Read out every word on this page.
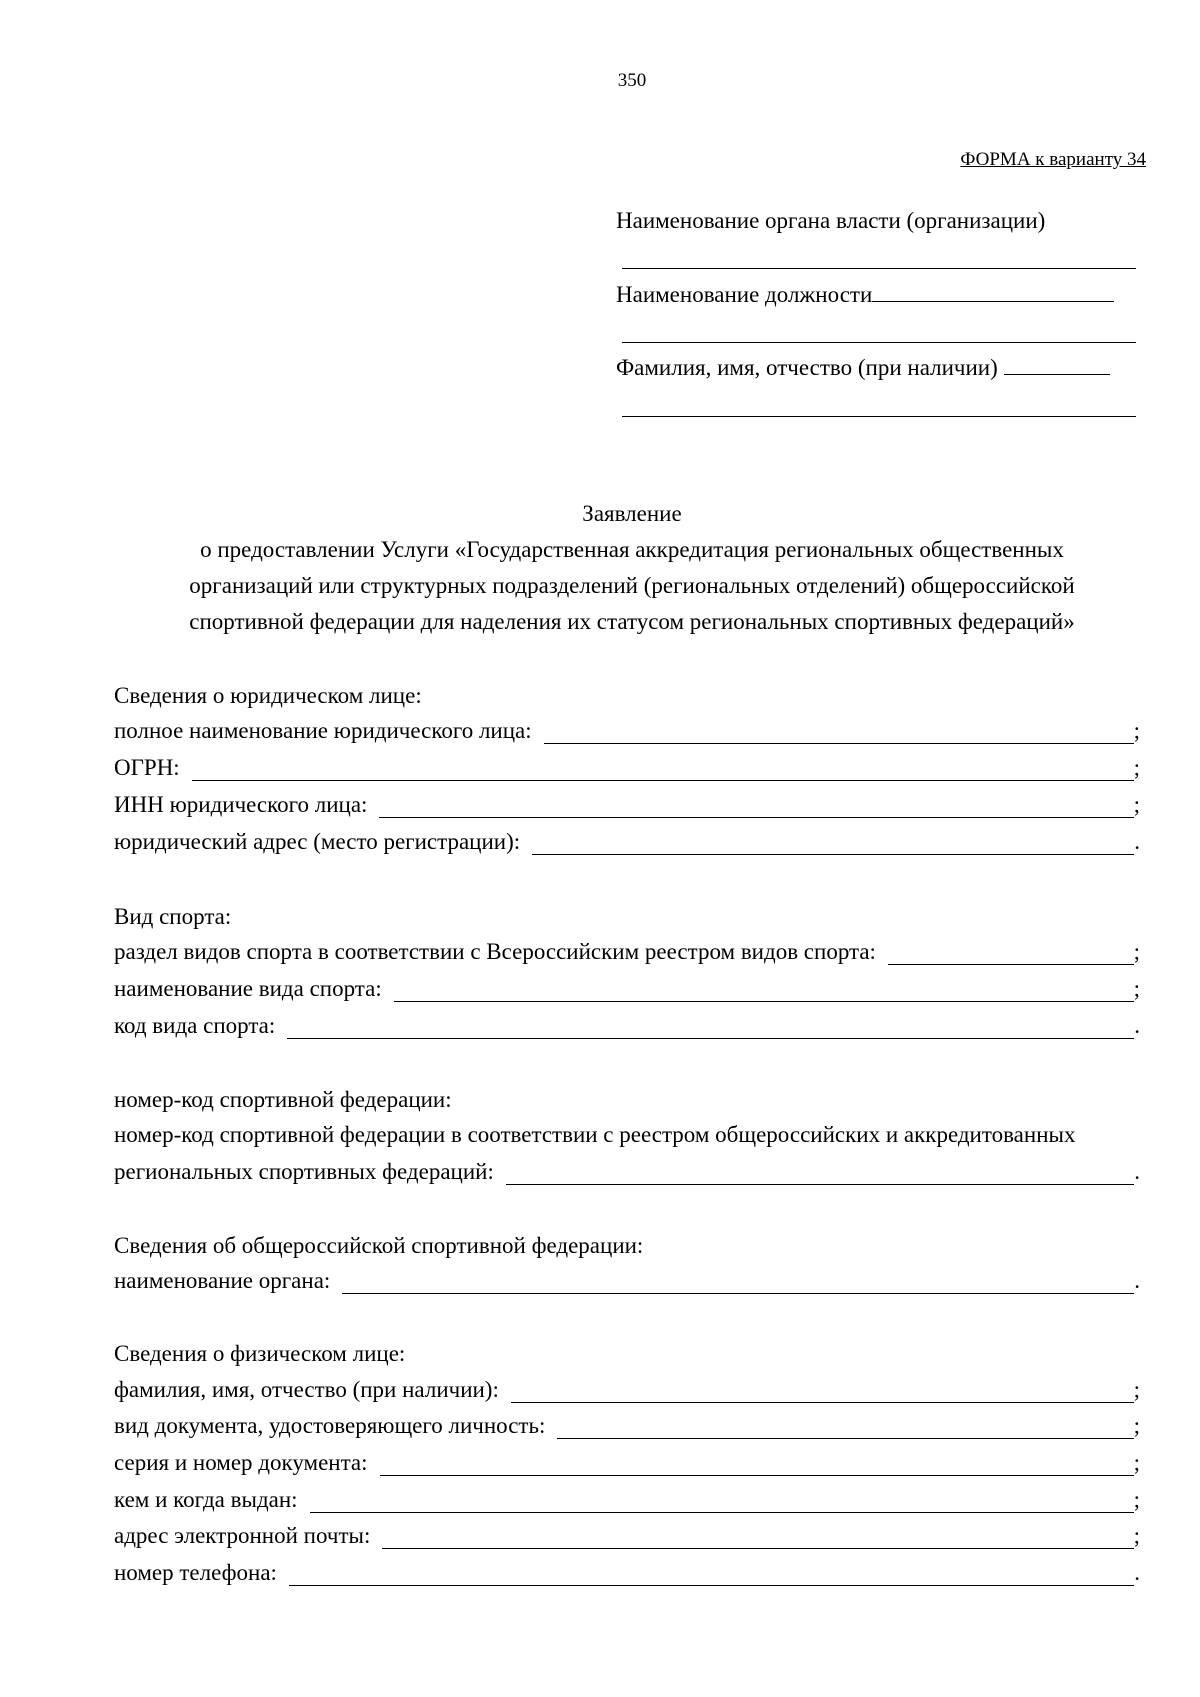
350
ФОРМА к варианту 34
Наименование органа власти (организации)
Наименование должности
Фамилия, имя, отчество (при наличии)
Заявление
о предоставлении Услуги «Государственная аккредитация региональных общественных
организаций или структурных подразделений (региональных отделений) общероссийской
спортивной федерации для наделения их статусом региональных спортивных федераций»
Сведения о юридическом лице:
полное наименование юридического лица:	;
ОГРН:	;
ИНН юридического лица:	;
юридический адрес (место регистрации):	.
Вид спорта:
раздел видов спорта в соответствии с Всероссийским реестром видов спорта:	;
наименование вида спорта:	;
код вида спорта:	.
номер-код спортивной федерации:
номер-код спортивной федерации в соответствии с реестром общероссийских и аккредитованных
региональных спортивных федераций:	.
Сведения об общероссийской спортивной федерации:
наименование органа:	.
Сведения о физическом лице:
фамилия, имя, отчество (при наличии):	;
вид документа, удостоверяющего личность:	;
серия и номер документа:	;
кем и когда выдан:	;
адрес электронной почты:	;
номер телефона:	.
